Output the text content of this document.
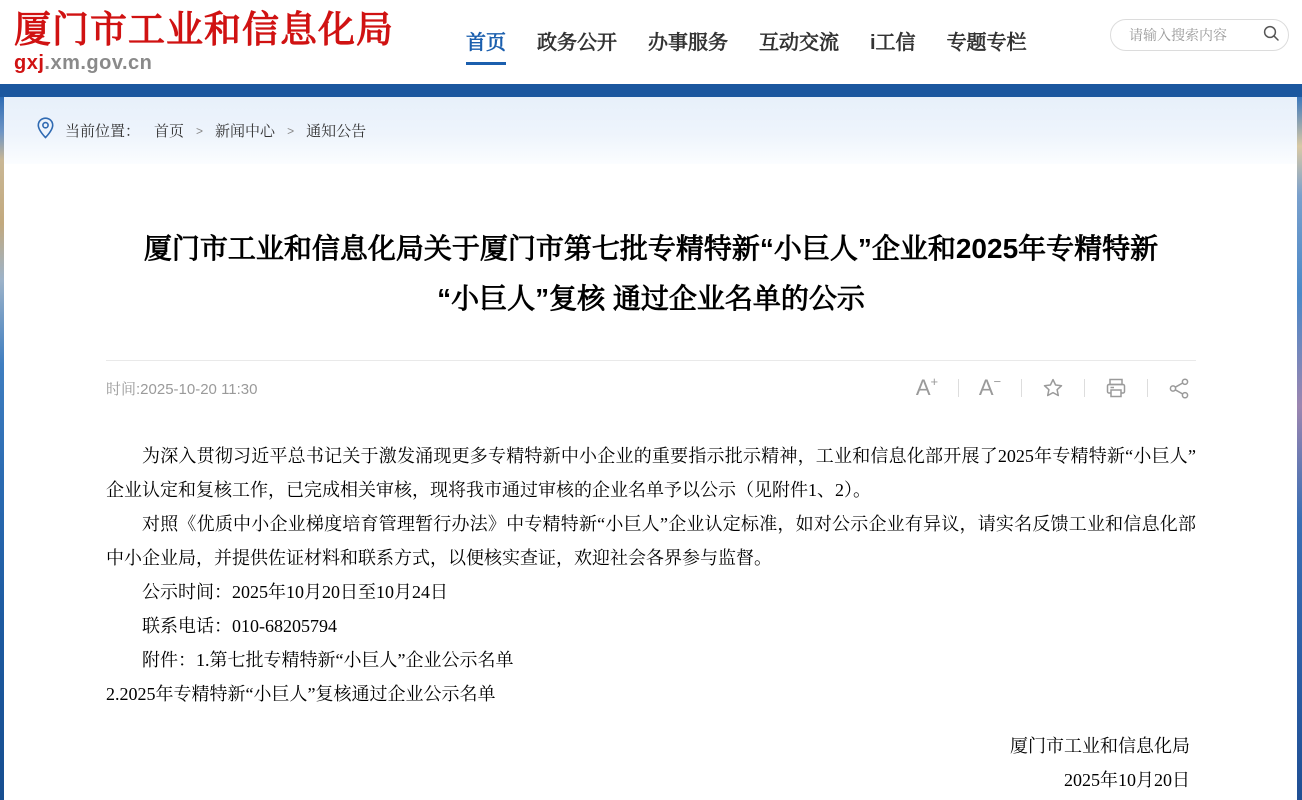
厦门市工业和信息化局
gxj.xm.gov.cn
首页 政务公开 办事服务 互动交流 i工信 专题专栏
请输入搜索内容
当前位置： 首页 > 新闻中心 > 通知公告
厦门市工业和信息化局关于厦门市第七批专精特新“小巨人”企业和2025年专精特新
“小巨人”复核 通过企业名单的公示
时间:2025-10-20 11:30	A+ A−

为深入贯彻习近平总书记关于激发涌现更多专精特新中小企业的重要指示批示精神，工业和信息化部开展了2025年专精特新“小巨人”企业认定和复核工作，已完成相关审核，现将我市通过审核的企业名单予以公示（见附件1、2）。

对照《优质中小企业梯度培育管理暂行办法》中专精特新“小巨人”企业认定标准，如对公示企业有异议，请实名反馈工业和信息化部中小企业局，并提供佐证材料和联系方式，以便核实查证，欢迎社会各界参与监督。

公示时间：2025年10月20日至10月24日

联系电话：010-68205794

附件：1.第七批专精特新“小巨人”企业公示名单

2.2025年专精特新“小巨人”复核通过企业公示名单

厦门市工业和信息化局
2025年10月20日
